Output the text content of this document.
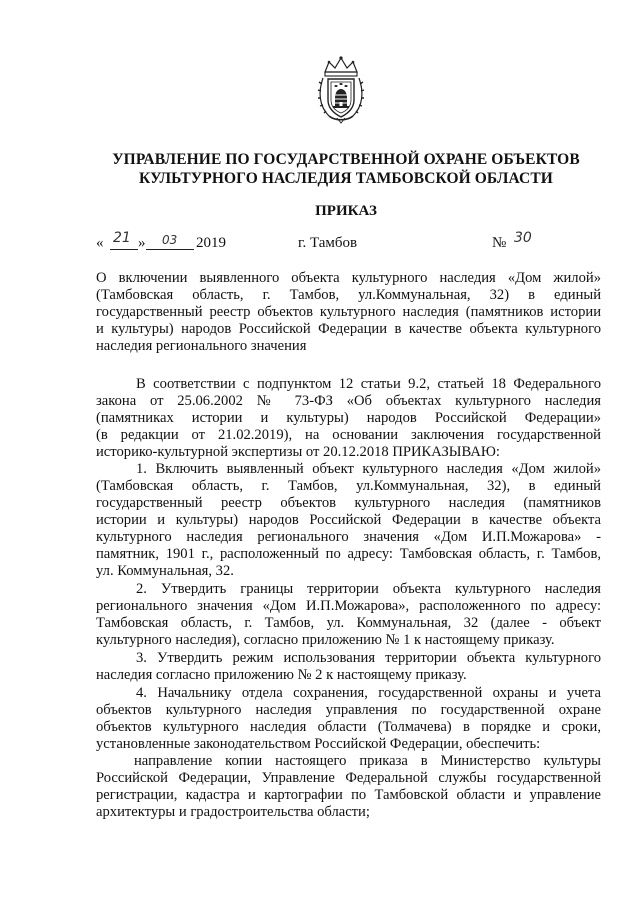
УПРАВЛЕНИЕ ПО ГОСУДАРСТВЕННОЙ ОХРАНЕ ОБЪЕКТОВ
КУЛЬТУРНОГО НАСЛЕДИЯ ТАМБОВСКОЙ ОБЛАСТИ
ПРИКАЗ
« 21 » 03 2019	г. Тамбов	№ 30
О включении выявленного объекта культурного наследия «Дом жилой»
(Тамбовская область, г. Тамбов, ул.Коммунальная, 32) в единый
государственный реестр объектов культурного наследия (памятников истории
и культуры) народов Российской Федерации в качестве объекта культурного
наследия регионального значения
В соответствии с подпунктом 12 статьи 9.2, статьей 18 Федерального
закона от 25.06.2002 № 73-ФЗ «Об объектах культурного наследия
(памятниках истории и культуры) народов Российской Федерации»
(в редакции от 21.02.2019), на основании заключения государственной
историко-культурной экспертизы от 20.12.2018 ПРИКАЗЫВАЮ:
1. Включить выявленный объект культурного наследия «Дом жилой»
(Тамбовская область, г. Тамбов, ул.Коммунальная, 32), в единый
государственный реестр объектов культурного наследия (памятников
истории и культуры) народов Российской Федерации в качестве объекта
культурного наследия регионального значения «Дом И.П.Можарова» -
памятник, 1901 г., расположенный по адресу: Тамбовская область, г. Тамбов,
ул. Коммунальная, 32.
2. Утвердить границы территории объекта культурного наследия
регионального значения «Дом И.П.Можарова», расположенного по адресу:
Тамбовская область, г. Тамбов, ул. Коммунальная, 32 (далее - объект
культурного наследия), согласно приложению № 1 к настоящему приказу.
3. Утвердить режим использования территории объекта культурного
наследия согласно приложению № 2 к настоящему приказу.
4. Начальнику отдела сохранения, государственной охраны и учета
объектов культурного наследия управления по государственной охране
объектов культурного наследия области (Толмачева) в порядке и сроки,
установленные законодательством Российской Федерации, обеспечить:
направление копии настоящего приказа в Министерство культуры
Российской Федерации, Управление Федеральной службы государственной
регистрации, кадастра и картографии по Тамбовской области и управление
архитектуры и градостроительства области;
